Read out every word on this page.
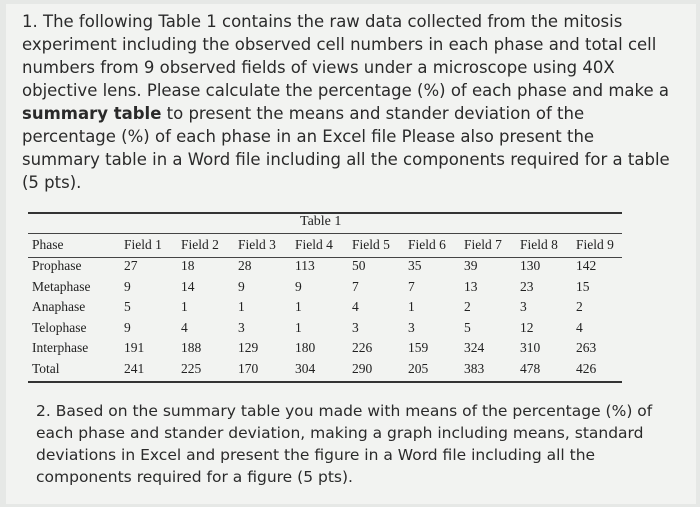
1. The following Table 1 contains the raw data collected from the mitosis experiment including the observed cell numbers in each phase and total cell numbers from 9 observed fields of views under a microscope using 40X objective lens. Please calculate the percentage (%) of each phase and make a summary table to present the means and stander deviation of the percentage (%) of each phase in an Excel file Please also present the summary table in a Word file including all the components required for a table (5 pts).

Table 1
Phase	Field 1	Field 2	Field 3	Field 4	Field 5	Field 6	Field 7	Field 8	Field 9
Prophase	27	18	28	113	50	35	39	130	142
Metaphase	9	14	9	9	7	7	13	23	15
Anaphase	5	1	1	1	4	1	2	3	2
Telophase	9	4	3	1	3	3	5	12	4
Interphase	191	188	129	180	226	159	324	310	263
Total	241	225	170	304	290	205	383	478	426

2. Based on the summary table you made with means of the percentage (%) of each phase and stander deviation, making a graph including means, standard deviations in Excel and present the figure in a Word file including all the components required for a figure (5 pts).
